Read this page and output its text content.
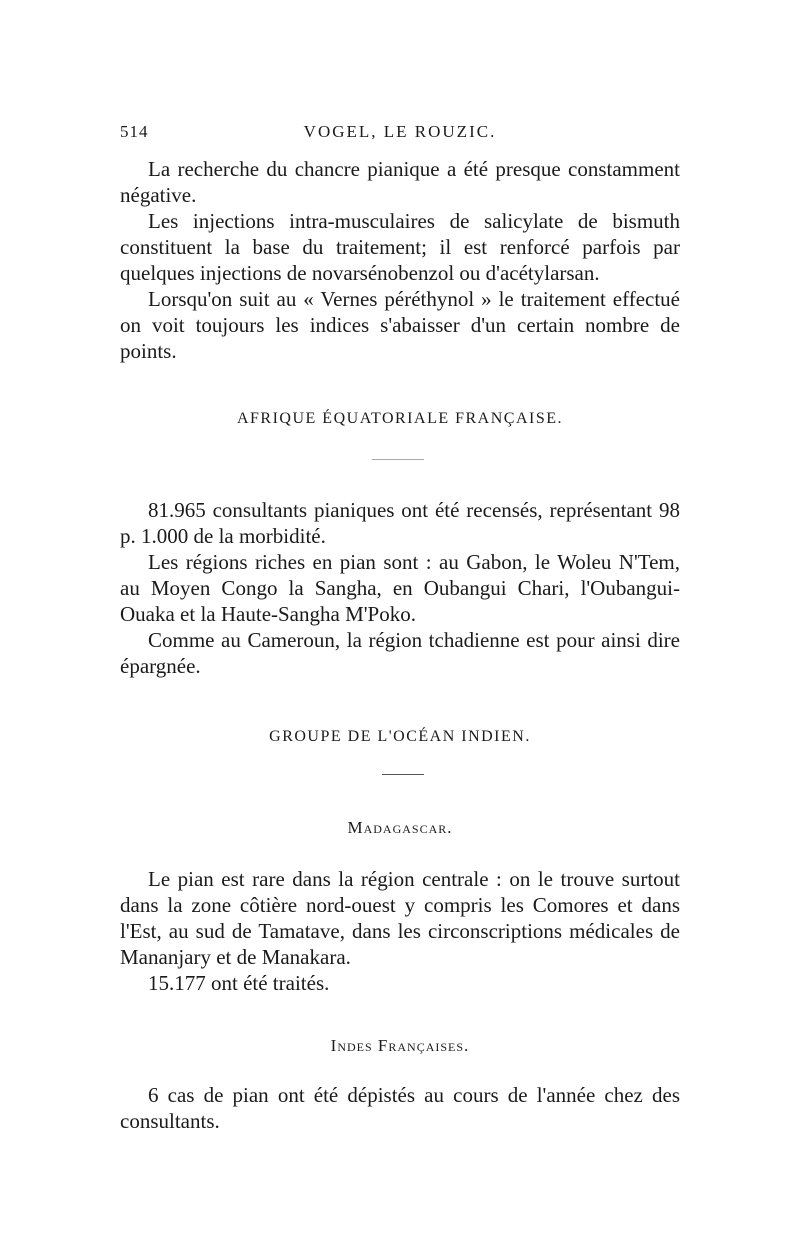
514	VOGEL, LE ROUZIC.

La recherche du chancre pianique a été presque constamment négative.

Les injections intra-musculaires de salicylate de bismuth constituent la base du traitement; il est renforcé parfois par quelques injections de novarsénobenzol ou d'acétylarsan.

Lorsqu'on suit au « Vernes péréthynol » le traitement effectué on voit toujours les indices s'abaisser d'un certain nombre de points.

AFRIQUE ÉQUATORIALE FRANÇAISE.

81.965 consultants pianiques ont été recensés, représentant 98 p. 1.000 de la morbidité.

Les régions riches en pian sont : au Gabon, le Woleu N'Tem, au Moyen Congo la Sangha, en Oubangui Chari, l'Oubangui-Ouaka et la Haute-Sangha M'Poko.

Comme au Cameroun, la région tchadienne est pour ainsi dire épargnée.

GROUPE DE L'OCÉAN INDIEN.
Madagascar.

Le pian est rare dans la région centrale : on le trouve surtout dans la zone côtière nord-ouest y compris les Comores et dans l'Est, au sud de Tamatave, dans les circonscriptions médicales de Mananjary et de Manakara.

15.177 ont été traités.

Indes Françaises.

6 cas de pian ont été dépistés au cours de l'année chez des consultants.
